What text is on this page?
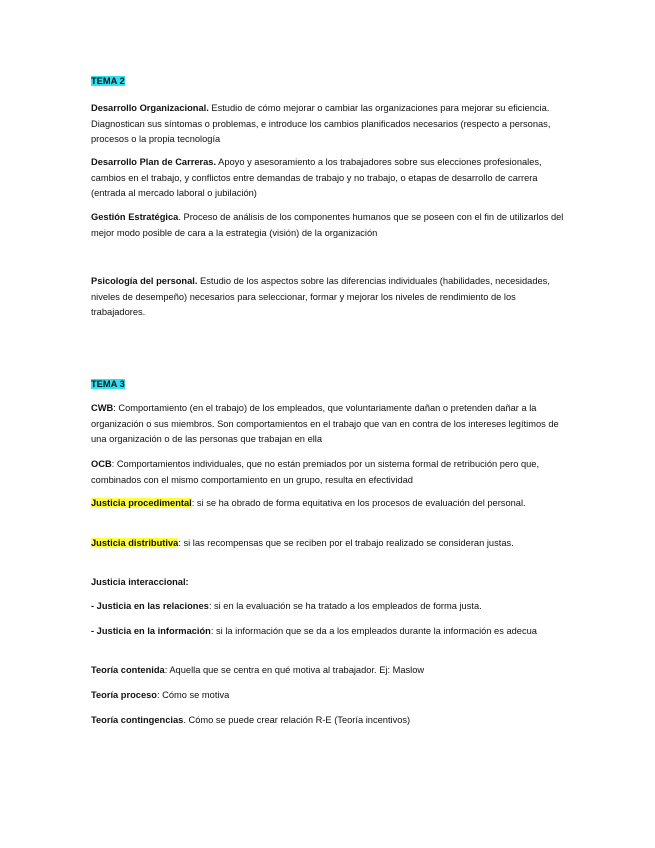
TEMA 2
Desarrollo Organizacional. Estudio de cómo mejorar o cambiar las organizaciones para mejorar su eficiencia. Diagnostican sus síntomas o problemas, e introduce los cambios planificados necesarios (respecto a personas, procesos o la propia tecnología
Desarrollo Plan de Carreras. Apoyo y asesoramiento a los trabajadores sobre sus elecciones profesionales, cambios en el trabajo, y conflictos entre demandas de trabajo y no trabajo, o etapas de desarrollo de carrera (entrada al mercado laboral o jubilación)
Gestión Estratégica. Proceso de análisis de los componentes humanos que se poseen con el fin de utilizarlos del mejor modo posible de cara a la estrategia (visión) de la organización
Psicología del personal. Estudio de los aspectos sobre las diferencias individuales (habilidades, necesidades, niveles de desempeño) necesarios para seleccionar, formar y mejorar los niveles de rendimiento de los trabajadores.
TEMA 3
CWB: Comportamiento (en el trabajo) de los empleados, que voluntariamente dañan o pretenden dañar a la organización o sus miembros. Son comportamientos en el trabajo que van en contra de los intereses legítimos de una organización o de las personas que trabajan en ella
OCB: Comportamientos individuales, que no están premiados por un sistema formal de retribución pero que, combinados con el mismo comportamiento en un grupo, resulta en efectividad
Justicia procedimental: si se ha obrado de forma equitativa en los procesos de evaluación del personal.
Justicia distributiva: si las recompensas que se reciben por el trabajo realizado se consideran justas.
Justicia interaccional:
- Justicia en las relaciones: si en la evaluación se ha tratado a los empleados de forma justa.
- Justicia en la información: si la información que se da a los empleados durante la información es adecua
Teoría contenida: Aquella que se centra en qué motiva al trabajador. Ej: Maslow
Teoría proceso: Cómo se motiva
Teoría contingencias. Cómo se puede crear relación R-E (Teoría incentivos)
